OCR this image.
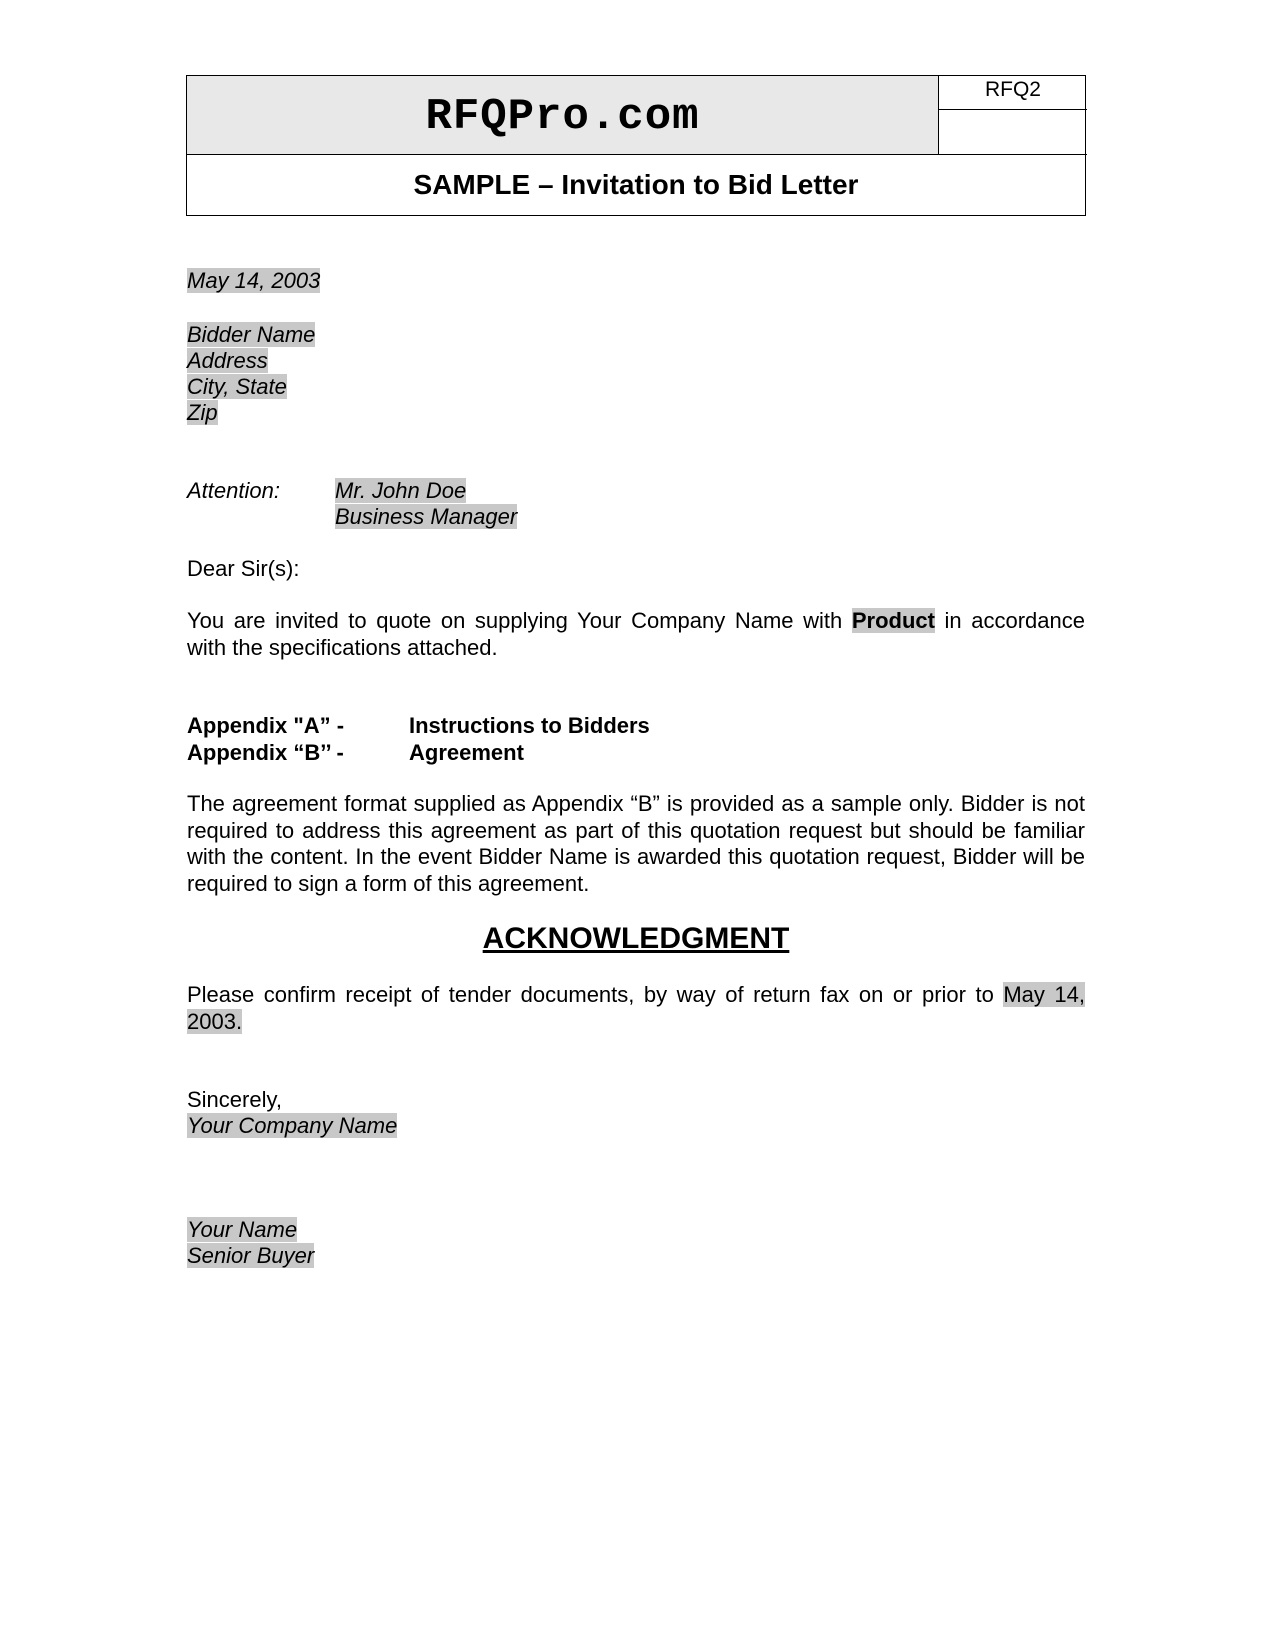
RFQPro.com
RFQ2
SAMPLE – Invitation to Bid Letter
May 14, 2003
Bidder Name
Address
City, State
Zip
Attention:	Mr. John Doe
Business Manager
Dear Sir(s):
You are invited to quote on supplying Your Company Name with Product in accordance with the specifications attached.
Appendix "A” -	Instructions to Bidders
Appendix “B’’ -	Agreement
The agreement format supplied as Appendix “B” is provided as a sample only. Bidder is not required to address this agreement as part of this quotation request but should be familiar with the content. In the event Bidder Name is awarded this quotation request, Bidder will be required to sign a form of this agreement.
ACKNOWLEDGMENT
Please confirm receipt of tender documents, by way of return fax on or prior to May 14, 2003.
Sincerely,
Your Company Name
Your Name
Senior Buyer
